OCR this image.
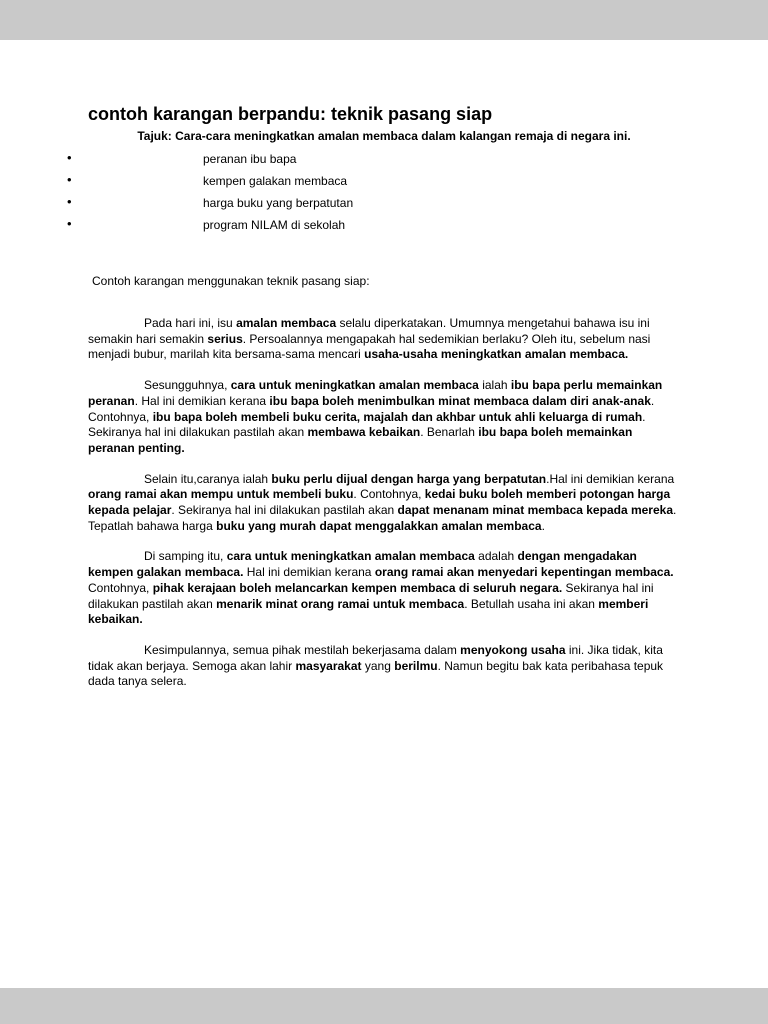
contoh karangan berpandu: teknik pasang siap

Tajuk: Cara-cara meningkatkan amalan membaca dalam kalangan remaja di negara ini.

• peranan ibu bapa
• kempen galakan membaca
• harga buku yang berpatutan
• program NILAM di sekolah

Contoh karangan menggunakan teknik pasang siap:

Pada hari ini, isu amalan membaca selalu diperkatakan. Umumnya mengetahui bahawa isu ini semakin hari semakin serius. Persoalannya mengapakah hal sedemikian berlaku? Oleh itu, sebelum nasi menjadi bubur, marilah kita bersama-sama mencari usaha-usaha meningkatkan amalan membaca.

Sesungguhnya, cara untuk meningkatkan amalan membaca ialah ibu bapa perlu memainkan peranan. Hal ini demikian kerana ibu bapa boleh menimbulkan minat membaca dalam diri anak-anak. Contohnya, ibu bapa boleh membeli buku cerita, majalah dan akhbar untuk ahli keluarga di rumah. Sekiranya hal ini dilakukan pastilah akan membawa kebaikan. Benarlah ibu bapa boleh memainkan peranan penting.

Selain itu,caranya ialah buku perlu dijual dengan harga yang berpatutan.Hal ini demikian kerana orang ramai akan mempu untuk membeli buku. Contohnya, kedai buku boleh memberi potongan harga kepada pelajar. Sekiranya hal ini dilakukan pastilah akan dapat menanam minat membaca kepada mereka. Tepatlah bahawa harga buku yang murah dapat menggalakkan amalan membaca.

Di samping itu, cara untuk meningkatkan amalan membaca adalah dengan mengadakan kempen galakan membaca. Hal ini demikian kerana orang ramai akan menyedari kepentingan membaca. Contohnya, pihak kerajaan boleh melancarkan kempen membaca di seluruh negara. Sekiranya hal ini dilakukan pastilah akan menarik minat orang ramai untuk membaca. Betullah usaha ini akan memberi kebaikan.

Kesimpulannya, semua pihak mestilah bekerjasama dalam menyokong usaha ini. Jika tidak, kita tidak akan berjaya. Semoga akan lahir masyarakat yang berilmu. Namun begitu bak kata peribahasa tepuk dada tanya selera.
